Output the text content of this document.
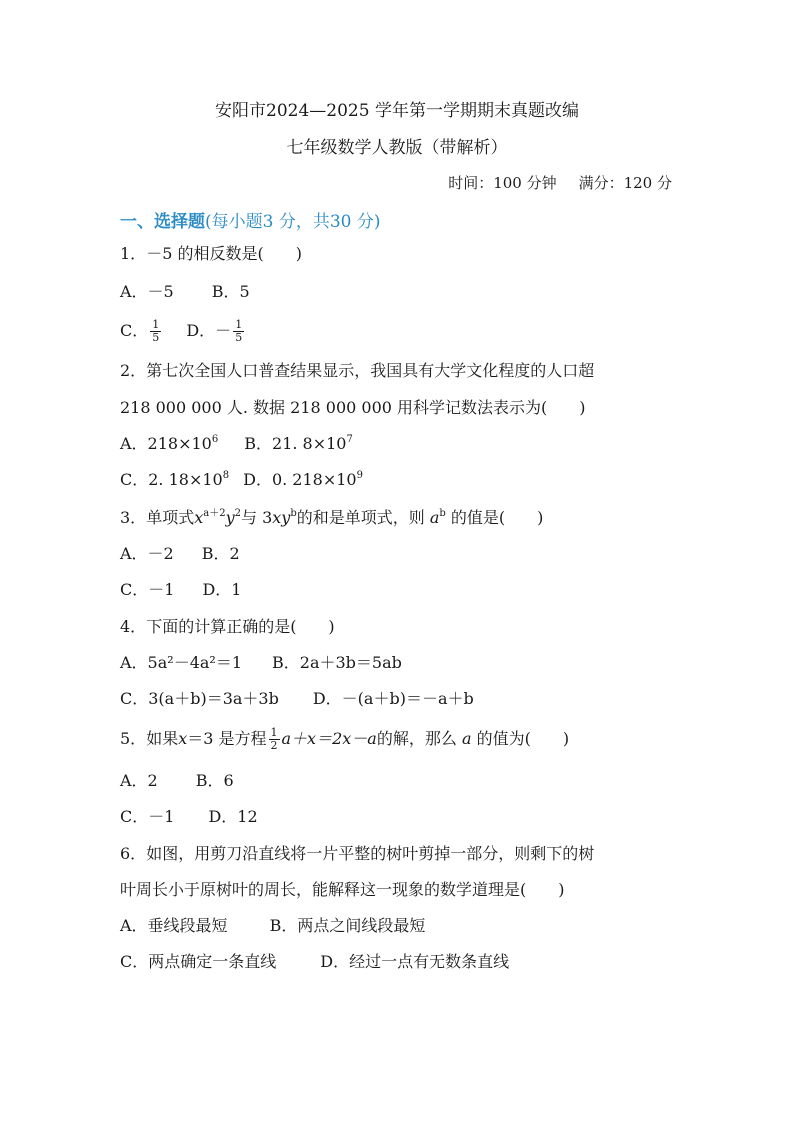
安阳市2024—2025 学年第一学期期末真题改编
七年级数学人教版（带解析）
时间：100 分钟 满分：120 分
一、选择题(每小题3 分，共30 分)
1．－5 的相反数是(　　)
A．－5 B．5
C． $\frac{1}{5}$ D．－ $\frac{1}{5}$
2．第七次全国人口普查结果显示，我国具有大学文化程度的人口超
218 000 000 人. 数据 218 000 000 用科学记数法表示为(　　)
A．$218\times 10^6$ B．21. $8\times 10^7$
C．2. $18\times 10^8$ D．0. $218\times 10^9$
3．单项式$x^{a+2}y^2$与 $3xy^b$的和是单项式，则 $a^b$ 的值是(　　)
A．－2 B．2
C．－1 D．1
4．下面的计算正确的是(　　)
A．5a²－4a²＝1 B．2a＋3b＝5ab
C．3(a＋b)＝3a＋3b D．－(a＋b)＝－a＋b
5．如果x＝3 是方程 $\frac{1}{2} a+x=2x-a$的解，那么 a 的值为(　　)
A．2 B．6
C．－1 D．12
6．如图，用剪刀沿直线将一片平整的树叶剪掉一部分，则剩下的树
叶周长小于原树叶的周长，能解释这一现象的数学道理是(　　)
A．垂线段最短	B．两点之间线段最短
C．两点确定一条直线	D．经过一点有无数条直线
